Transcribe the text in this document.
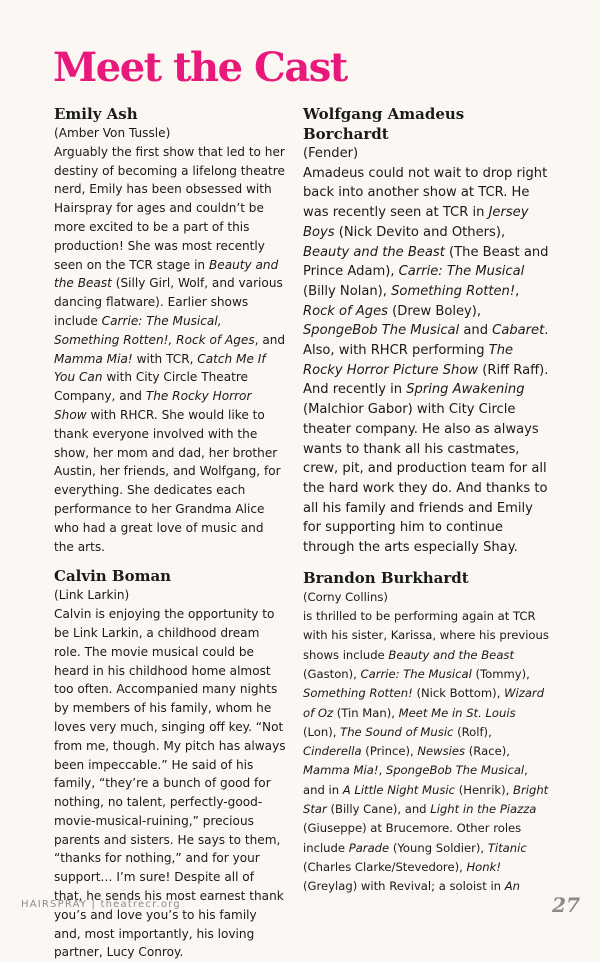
Meet the Cast

Emily Ash

(Amber Von Tussle)

Arguably the first show that led to her destiny of becoming a lifelong theatre nerd, Emily has been obsessed with Hairspray for ages and couldn’t be more excited to be a part of this production! She was most recently seen on the TCR stage in Beauty and the Beast (Silly Girl, Wolf, and various dancing flatware). Earlier shows include Carrie: The Musical, Something Rotten!, Rock of Ages, and Mamma Mia! with TCR, Catch Me If You Can with City Circle Theatre Company, and The Rocky Horror Show with RHCR. She would like to thank everyone involved with the show, her mom and dad, her brother Austin, her friends, and Wolfgang, for everything. She dedicates each performance to her Grandma Alice who had a great love of music and the arts.

Calvin Boman

(Link Larkin)

Calvin is enjoying the opportunity to be Link Larkin, a childhood dream role. The movie musical could be heard in his childhood home almost too often. Accompanied many nights by members of his family, whom he loves very much, singing off key. “Not from me, though. My pitch has always been impeccable.” He said of his family, “they’re a bunch of good for nothing, no talent, perfectly-good-movie-musical-ruining,” precious parents and sisters. He says to them, “thanks for nothing,” and for your support… I’m sure! Despite all of that, he sends his most earnest thank you’s and love you’s to his family and, most importantly, his loving partner, Lucy Conroy.

Wolfgang Amadeus Borchardt

(Fender)

Amadeus could not wait to drop right back into another show at TCR. He was recently seen at TCR in Jersey Boys (Nick Devito and Others), Beauty and the Beast (The Beast and Prince Adam), Carrie: The Musical (Billy Nolan), Something Rotten!, Rock of Ages (Drew Boley), SpongeBob The Musical and Cabaret. Also, with RHCR performing The Rocky Horror Picture Show (Riff Raff). And recently in Spring Awakening (Malchior Gabor) with City Circle theater company. He also as always wants to thank all his castmates, crew, pit, and production team for all the hard work they do. And thanks to all his family and friends and Emily for supporting him to continue through the arts especially Shay.

Brandon Burkhardt

(Corny Collins)

is thrilled to be performing again at TCR with his sister, Karissa, where his previous shows include Beauty and the Beast (Gaston), Carrie: The Musical (Tommy), Something Rotten! (Nick Bottom), Wizard of Oz (Tin Man), Meet Me in St. Louis (Lon), The Sound of Music (Rolf), Cinderella (Prince), Newsies (Race), Mamma Mia!, SpongeBob The Musical, and in A Little Night Music (Henrik), Bright Star (Billy Cane), and Light in the Piazza (Giuseppe) at Brucemore. Other roles include Parade (Young Soldier), Titanic (Charles Clarke/Stevedore), Honk! (Greylag) with Revival; a soloist in An

HAIRSPRAY | theatrecr.org	27
